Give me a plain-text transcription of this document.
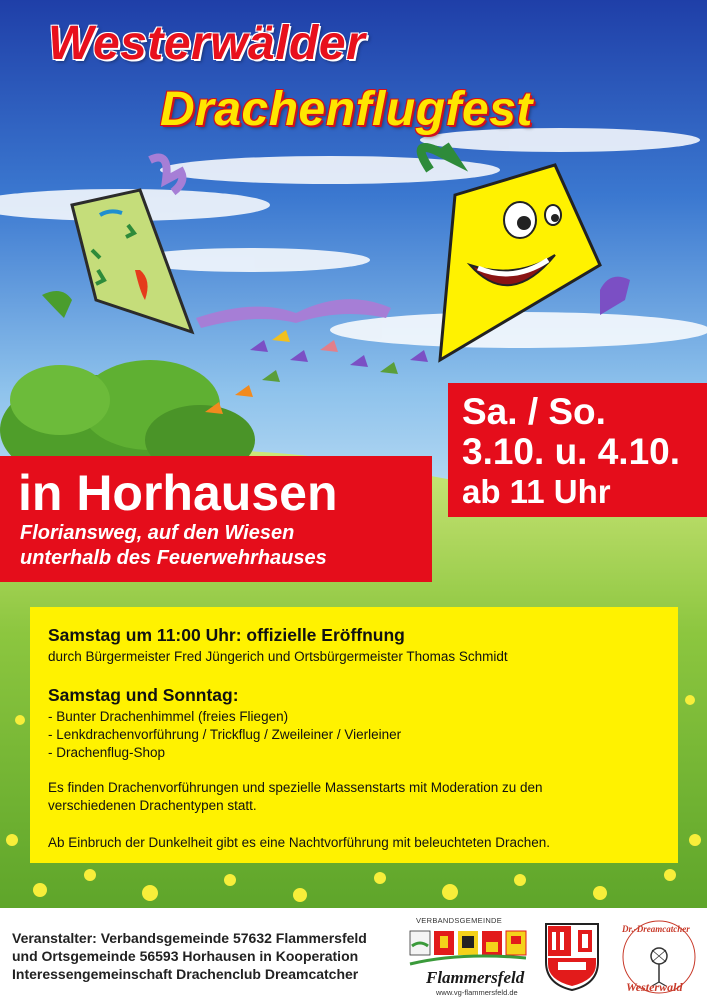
Westerwälder
Drachenflugfest
Sa. / So.
3.10. u. 4.10.
ab 11 Uhr
in Horhausen
Floriansweg, auf den Wiesen
unterhalb des Feuerwehrhauses
Samstag um 11:00 Uhr: offizielle Eröffnung
durch Bürgermeister Fred Jüngerich und Ortsbürgermeister Thomas Schmidt
Samstag und Sonntag:
- Bunter Drachenhimmel (freies Fliegen)
- Lenkdrachenvorführung / Trickflug / Zweileiner / Vierleiner
- Drachenflug-Shop
Es finden Drachenvorführungen und spezielle Massenstarts mit Moderation zu den
verschiedenen Drachentypen statt.
Ab Einbruch der Dunkelheit gibt es eine Nachtvorführung mit beleuchteten Drachen.
Veranstalter: Verbandsgemeinde 57632 Flammersfeld
und Ortsgemeinde 56593 Horhausen in Kooperation
Interessengemeinschaft Drachenclub Dreamcatcher
VERBANDSGEMEINDE
Flammersfeld
www.vg-flammersfeld.de
Dr.-Dreamcatcher
Westerwald
